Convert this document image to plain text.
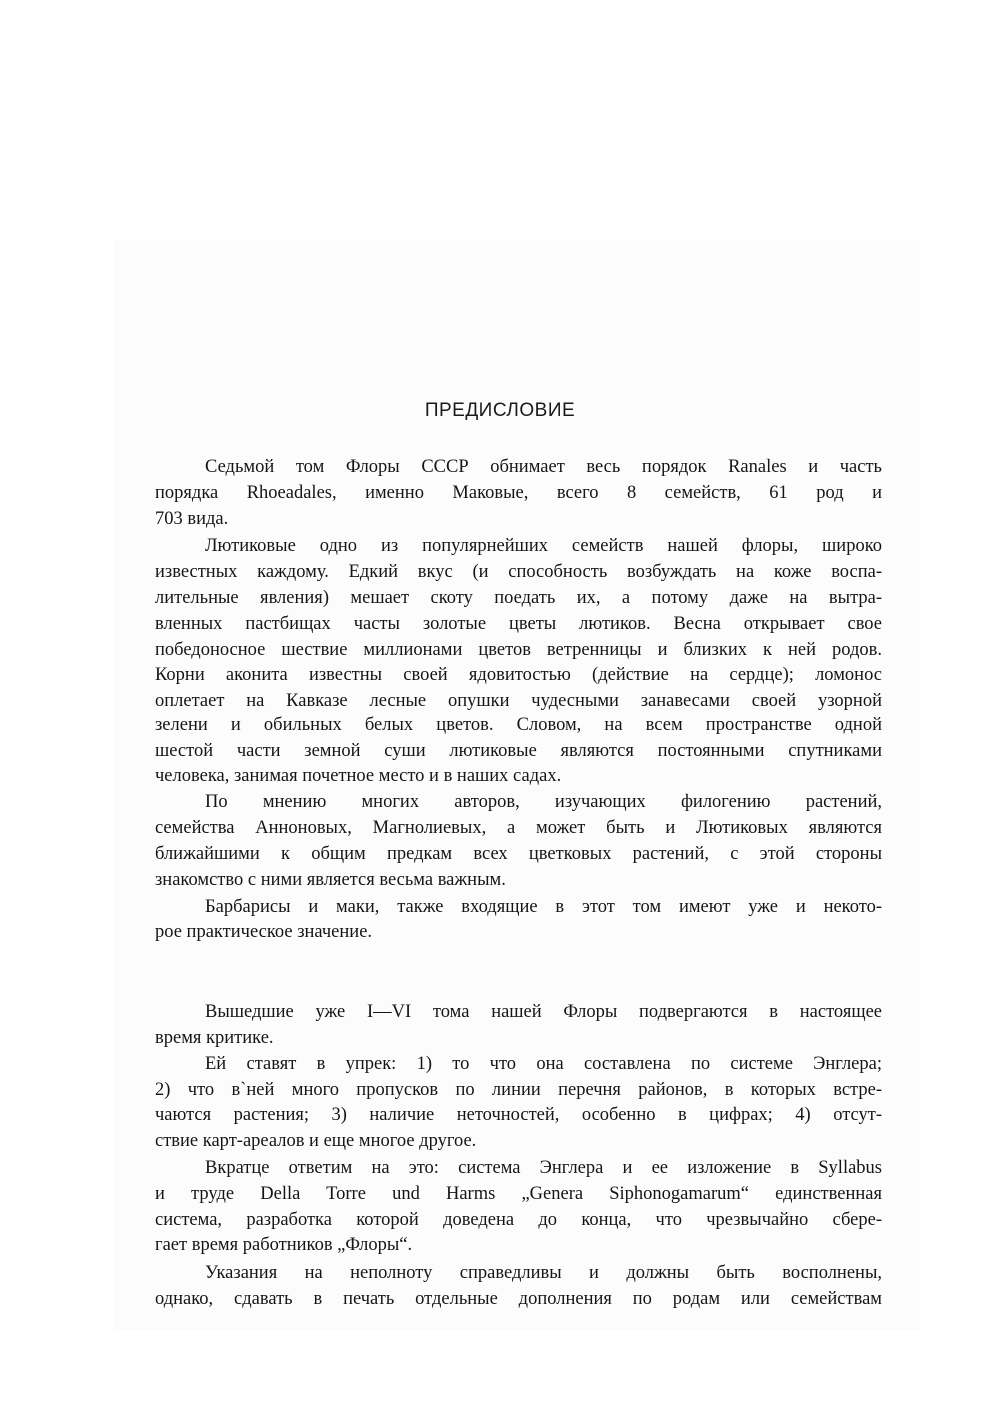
ПРЕДИСЛОВИЕ
Седьмой том Флоры СССР обнимает весь порядок Ranales и часть
порядка Rhoeadales, именно Маковые, всего 8 семейств, 61 род и
703 вида.
Лютиковые одно из популярнейших семейств нашей флоры, широко
известных каждому. Едкий вкус (и способность возбуждать на коже воспа-
лительные явления) мешает скоту поедать их, а потому даже на вытра-
вленных пастбищах часты золотые цветы лютиков. Весна открывает свое
победоносное шествие миллионами цветов ветренницы и близких к ней родов.
Корни аконита известны своей ядовитостью (действие на сердце); ломонос
оплетает на Кавказе лесные опушки чудесными занавесами своей узорной
зелени и обильных белых цветов. Словом, на всем пространстве одной
шестой части земной суши лютиковые являются постоянными спутниками
человека, занимая почетное место и в наших садах.
По мнению многих авторов, изучающих филогению растений,
семейства Анноновых, Магнолиевых, а может быть и Лютиковых являются
ближайшими к общим предкам всех цветковых растений, с этой стороны
знакомство с ними является весьма важным.
Барбарисы и маки, также входящие в этот том имеют уже и некото-
рое практическое значение.
Вышедшие уже I—VI тома нашей Флоры подвергаются в настоящее
время критике.
Ей ставят в упрек: 1) то что она составлена по системе Энглера;
2) что в`ней много пропусков по линии перечня районов, в которых встре-
чаются растения; 3) наличие неточностей, особенно в цифрах; 4) отсут-
ствие карт-ареалов и еще многое другое.
Вкратце ответим на это: система Энглера и ее изложение в Syllabus
и труде Della Torre und Harms „Genera Siphonogamarum“ единственная
система, разработка которой доведена до конца, что чрезвычайно сбере-
гает время работников „Флоры“.
Указания на неполноту справедливы и должны быть восполнены,
однако, сдавать в печать отдельные дополнения по родам или семействам
